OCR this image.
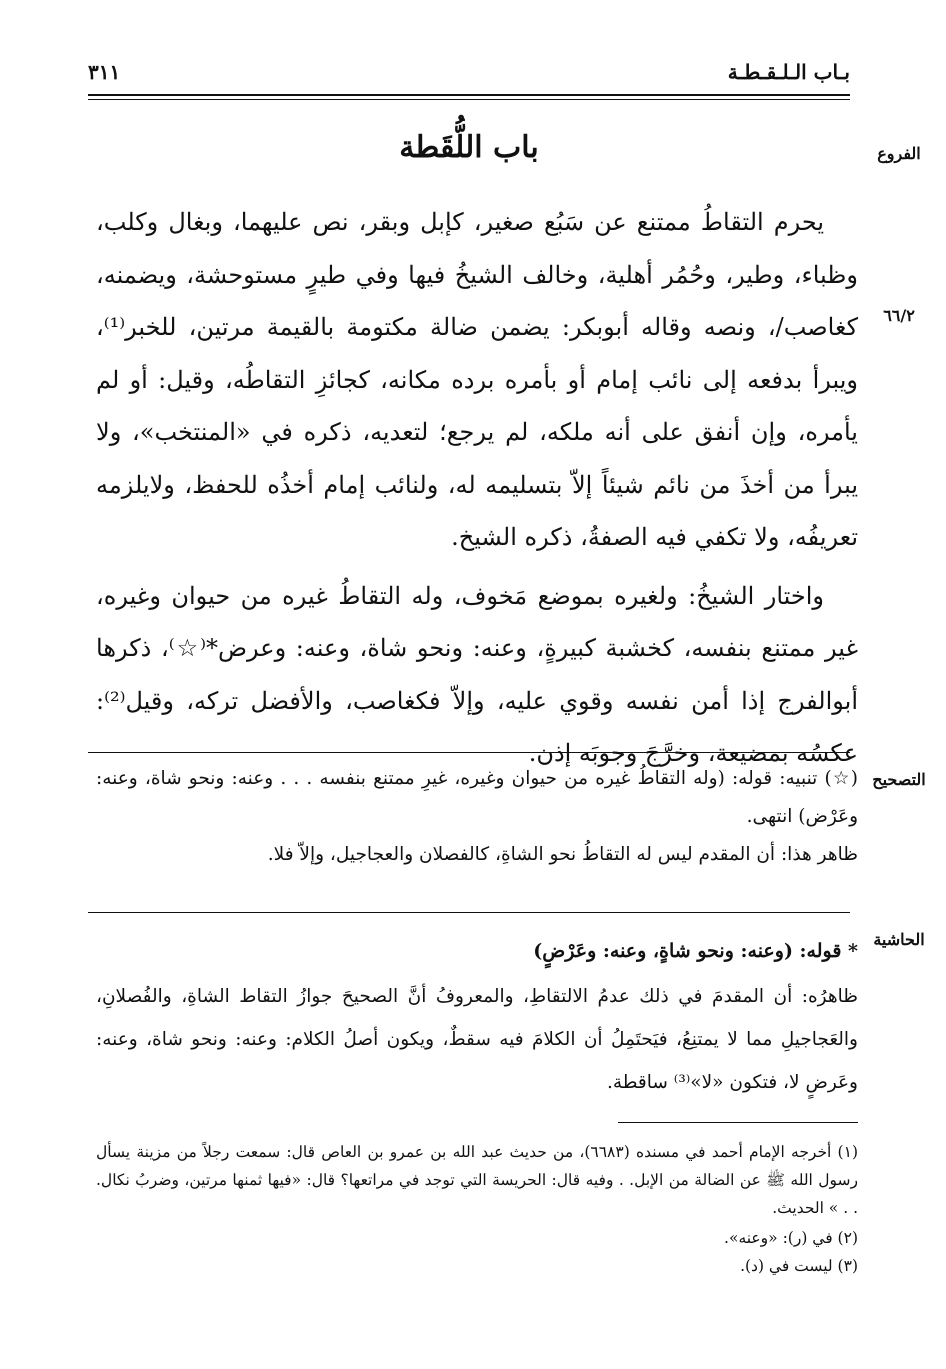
بـاب الـلـقـطـة
٣١١
الفروع
٦٦/٢
التصحيح
الحاشية
باب اللُّقَطة

يحرم التقاطُ ممتنع عن سَبُع صغير، كإبل وبقر، نص عليهما، وبغال وكلب، وظباء، وطير، وحُمُر أهلية، وخالف الشيخُ فيها وفي طيرٍ مستوحشة، ويضمنه، كغاصب/، ونصه وقاله أبوبكر: يضمن ضالة مكتومة بالقيمة مرتين، للخبر⁽¹⁾، ويبرأ بدفعه إلى نائب إمام أو بأمره برده مكانه، كجائزِ التقاطُه، وقيل: أو لم يأمره، وإن أنفق على أنه ملكه، لم يرجع؛ لتعديه، ذكره في «المنتخب»، ولا يبرأ من أخذَ من نائم شيئاً إلاّ بتسليمه له، ولنائب إمام أخذُه للحفظ، ولايلزمه تعريفُه، ولا تكفي فيه الصفةُ، ذكره الشيخ.

واختار الشيخُ: ولغيره بموضع مَخوف، وله التقاطُ غيره من حيوان وغيره، غير ممتنع بنفسه، كخشبة كبيرةٍ، وعنه: ونحو شاة، وعنه: وعرض*⁽☆⁾، ذكرها أبوالفرج إذا أمن نفسه وقوي عليه، وإلاّ فكغاصب، والأفضل تركه، وقيل⁽²⁾: عكسُه بمضيعة، وخرَّجَ وجوبَه إذن.

(☆) تنبيه: قوله: (وله التقاطُ غيره من حيوان وغيره، غيرِ ممتنع بنفسه . . . وعنه: ونحو شاة، وعنه: وعَرْض) انتهى.

ظاهر هذا: أن المقدم ليس له التقاطُ نحو الشاةِ، كالفصلان والعجاجيل، وإلاّ فلا.

* قوله: (وعنه: ونحو شاةٍ، وعنه: وعَرْضٍ)

ظاهرُه: أن المقدمَ في ذلك عدمُ الالتقاطِ، والمعروفُ أنَّ الصحيحَ جوازُ التقاط الشاةِ، والفُصلانِ، والعَجاجيلِ مما لا يمتنِعُ، فيَحتَمِلُ أن الكلامَ فيه سقطٌ، ويكون أصلُ الكلام: وعنه: ونحو شاة، وعنه: وعَرضٍ لا، فتكون «لا»⁽³⁾ ساقطة.

(١) أخرجه الإمام أحمد في مسنده (٦٦٨٣)، من حديث عبد الله بن عمرو بن العاص قال: سمعت رجلاً من مزينة يسأل رسول الله ﷺ عن الضالة من الإبل. . وفيه قال: الحريسة التي توجد في مراتعها؟ قال: «فيها ثمنها مرتين، وضربُ نكال. . . » الحديث.

(٢) في (ر): «وعنه».

(٣) ليست في (د).
